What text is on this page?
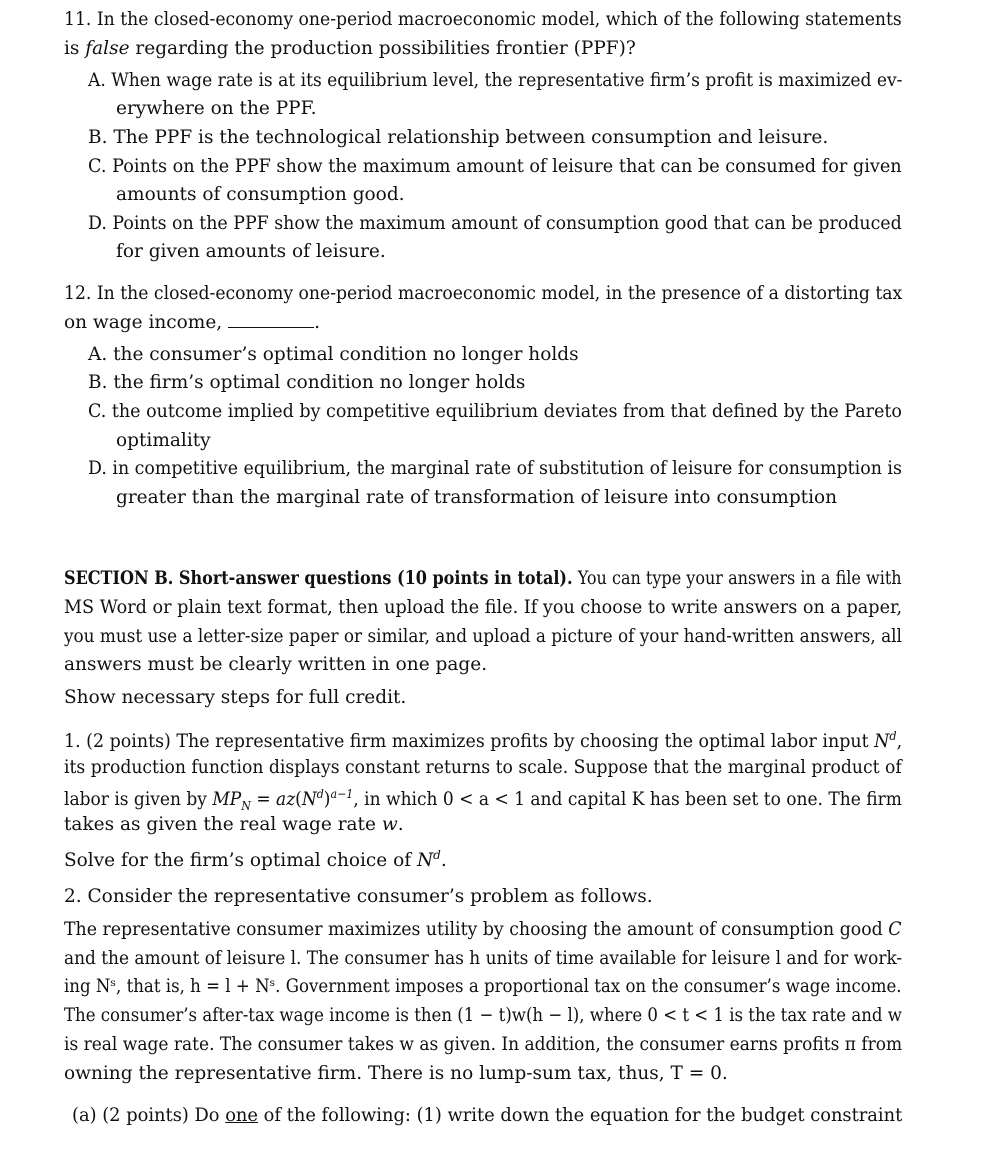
11. In the closed-economy one-period macroeconomic model, which of the following statements
is false regarding the production possibilities frontier (PPF)?
A. When wage rate is at its equilibrium level, the representative firm’s profit is maximized ev-
erywhere on the PPF.
B. The PPF is the technological relationship between consumption and leisure.
C. Points on the PPF show the maximum amount of leisure that can be consumed for given
amounts of consumption good.
D. Points on the PPF show the maximum amount of consumption good that can be produced
for given amounts of leisure.
12. In the closed-economy one-period macroeconomic model, in the presence of a distorting tax
on wage income,	.
A. the consumer’s optimal condition no longer holds
B. the firm’s optimal condition no longer holds
C. the outcome implied by competitive equilibrium deviates from that defined by the Pareto
optimality
D. in competitive equilibrium, the marginal rate of substitution of leisure for consumption is
greater than the marginal rate of transformation of leisure into consumption
SECTION B. Short-answer questions (10 points in total). You can type your answers in a file with
MS Word or plain text format, then upload the file. If you choose to write answers on a paper,
you must use a letter-size paper or similar, and upload a picture of your hand-written answers, all
answers must be clearly written in one page.
Show necessary steps for full credit.
1. (2 points) The representative firm maximizes profits by choosing the optimal labor input $N^d$,
its production function displays constant returns to scale. Suppose that the marginal product of
labor is given by $MP_N = az(N^d)^{a-1}$, in which 0 < a < 1 and capital K has been set to one. The firm
takes as given the real wage rate w.
Solve for the firm’s optimal choice of $N^d$.
2. Consider the representative consumer’s problem as follows.
The representative consumer maximizes utility by choosing the amount of consumption good C
and the amount of leisure l. The consumer has h units of time available for leisure l and for work-
ing Nˢ, that is, h = l + Nˢ. Government imposes a proportional tax on the consumer’s wage income.
The consumer’s after-tax wage income is then (1 − t)w(h − l), where 0 < t < 1 is the tax rate and w
is real wage rate. The consumer takes w as given. In addition, the consumer earns profits π from
owning the representative firm. There is no lump-sum tax, thus, T = 0.
(a) (2 points) Do one of the following: (1) write down the equation for the budget constraint
